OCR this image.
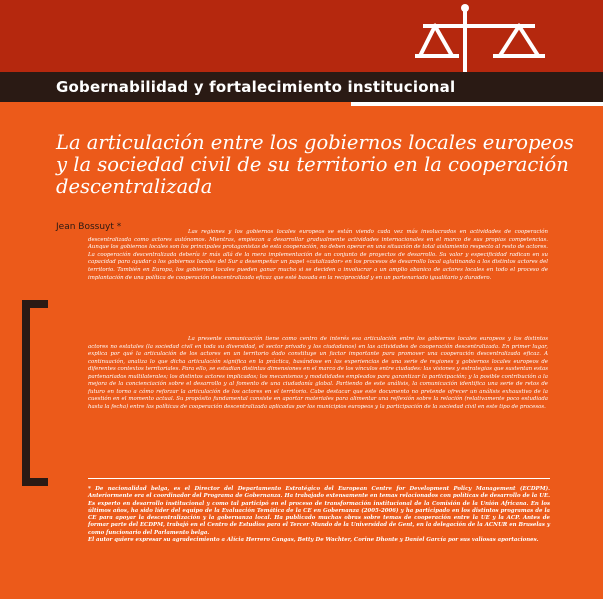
Gobernabilidad y fortalecimiento institucional
La articulación entre los gobiernos locales europeos y la sociedad civil de su territorio en la cooperación descentralizada
Jean Bossuyt *	Las regiones y los gobiernos locales europeos se están viendo cada vez más involucrados en actividades de cooperación descentralizada como actores autónomos. Mientras, empiezan a desarrollar gradualmente actividades internacionales en el marco de sus propias competencias. Aunque los gobiernos locales son los principales protagonistas de esta cooperación, no deben operar en una situación de total aislamiento respecto al resto de actores. La cooperación descentralizada debería ir más allá de la mera implementación de un conjunto de proyectos de desarrollo. Su valor y especificidad radican en su capacidad para ayudar a los gobiernos locales del Sur a desempeñar un papel «catalizador» en los procesos de desarrollo local aglutinando a los distintos actores del territorio. También en Europa, los gobiernos locales pueden ganar mucho si se deciden a involucrar a un amplio abanico de actores locales en todo el proceso de implantación de una política de cooperación descentralizada eficaz que esté basada en la reciprocidad y en un partenariado igualitario y duradero.

La presente comunicación tiene como centro de interés esa articulación entre los gobiernos locales europeos y los distintos actores no estatales (la sociedad civil en toda su diversidad, el sector privado y los ciudadanos) en las actividades de cooperación descentralizada. En primer lugar, explica por qué la articulación de los actores en un territorio dado constituye un factor importante para promover una cooperación descentralizada eficaz. A continuación, analiza lo que dicha articulación significa en la práctica, basándose en las experiencias de una serie de regiones y gobiernos locales europeos de diferentes contextos territoriales. Para ello, se estudian distintas dimensiones en el marco de los vínculos entre ciudades: las visiones y estrategias que sustentan estas partenariados multilaterales; los distintos actores implicados; los mecanismos y modalidades empleados para garantizar la participación; y la posible contribución a la mejora de la concienciación sobre el desarrollo y al fomento de una ciudadanía global. Partiendo de este análisis, la comunicación identifica una serie de retos de futuro en torno a cómo reforzar la articulación de los actores en el territorio. Cabe destacar que este documento no pretende ofrecer un análisis exhaustivo de la cuestión en el momento actual. Su propósito fundamental consiste en aportar materiales para alimentar una reflexión sobre la relación (relativamente poco estudiada hasta la fecha) entre las políticas de cooperación descentralizada aplicadas por los municipios europeos y la participación de la sociedad civil en este tipo de procesos.

* De nacionalidad belga, es el Director del Departamento Estratégico del European Centre for Development Policy Management (ECDPM). Anteriormente era el coordinador del Programa de Gobernanza. Ha trabajado extensamente en temas relacionados con políticas de desarrollo de la UE. Es experto en desarrollo institucional y como tal participó en el proceso de transformación institucional de la Comisión de la Unión Africana. En los últimos años, ha sido líder del equipo de la Evaluación Temática de la CE en Gobernanza (2005-2006) y ha participado en los distintos programas de la CE para apoyar la descentralización y la gobernanza local. Ha publicado muchas obras sobre temas de cooperación entre la UE y la ACP. Antes de formar parte del ECDPM, trabajó en el Centro de Estudios para el Tercer Mundo de la Universidad de Gent, en la delegación de la ACNUR en Bruselas y como funcionario del Parlamento belga.

El autor quiere expresar su agradecimiento a Alícia Herrero Cangas, Betty De Wachter, Corine Dhonte y Daniel García por sus valiosas aportaciones.
